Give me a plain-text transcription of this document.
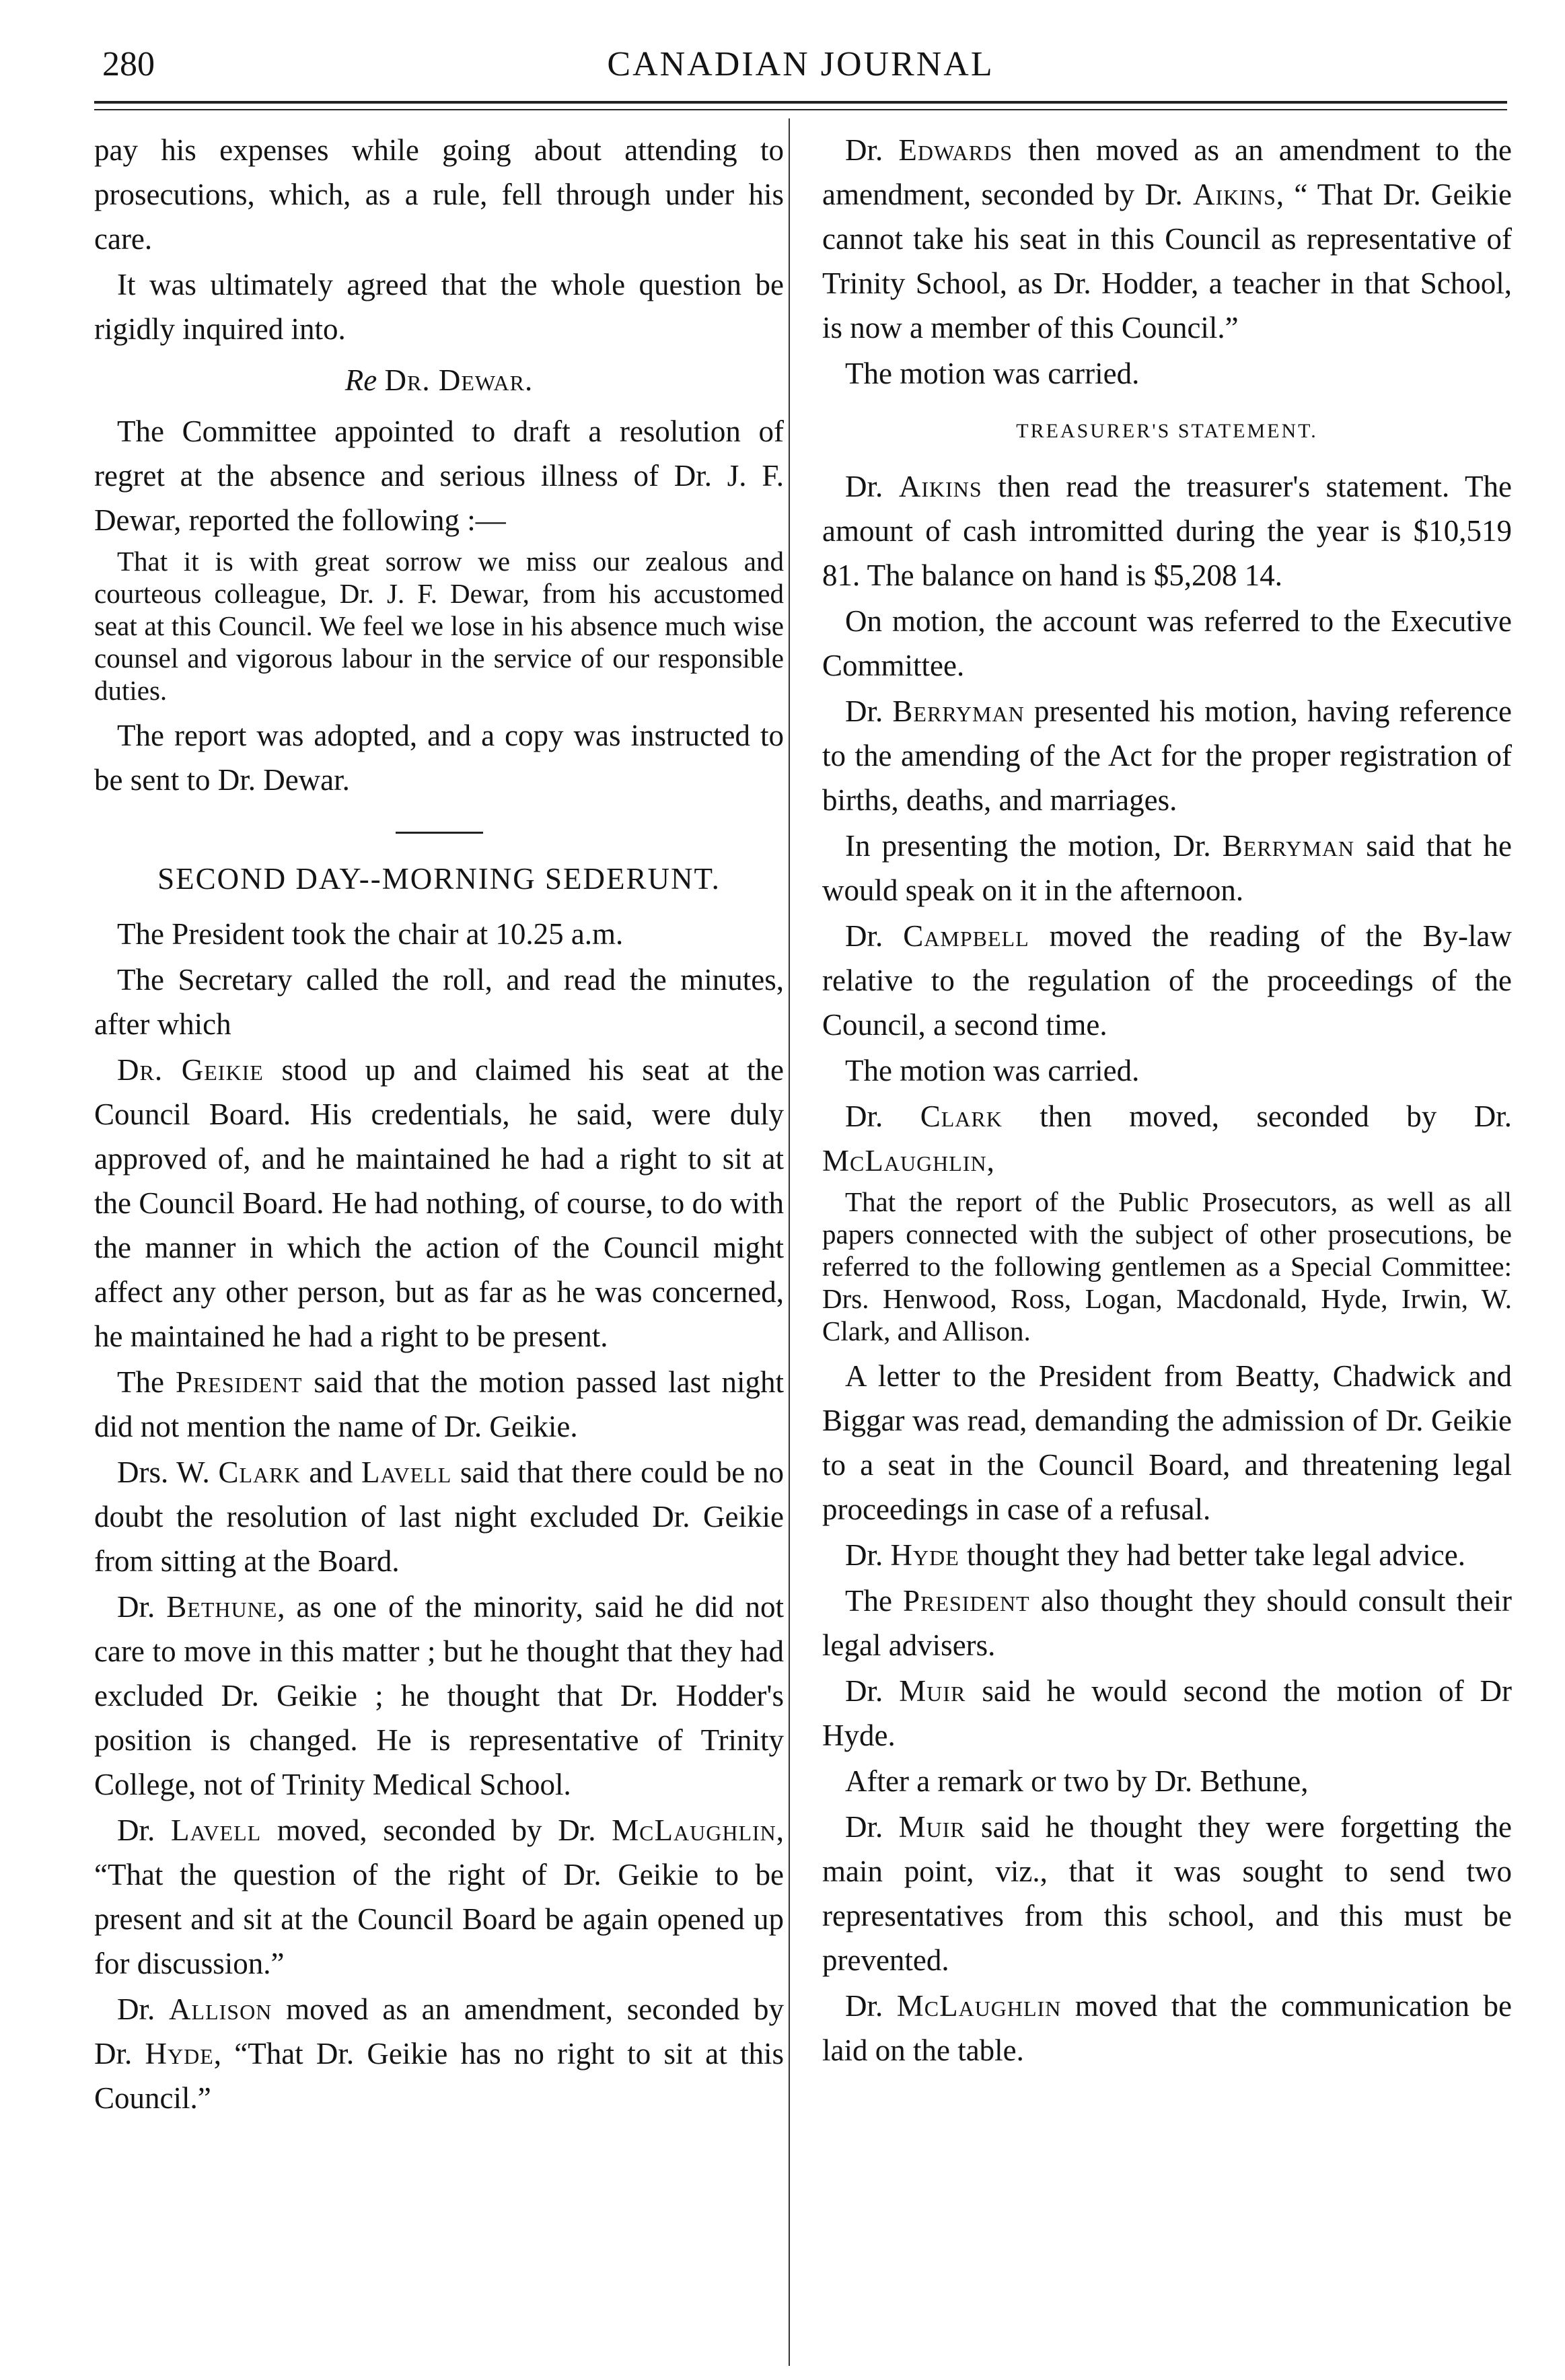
280	CANADIAN JOURNAL

pay his expenses while going about attending to prosecutions, which, as a rule, fell through under his care.

It was ultimately agreed that the whole question be rigidly inquired into.

Re Dr. Dewar.

The Committee appointed to draft a resolution of regret at the absence and serious illness of Dr. J. F. Dewar, reported the following :—

That it is with great sorrow we miss our zealous and courteous colleague, Dr. J. F. Dewar, from his accustomed seat at this Council. We feel we lose in his absence much wise counsel and vigorous labour in the service of our responsible duties.

The report was adopted, and a copy was instructed to be sent to Dr. Dewar.

SECOND DAY--MORNING SEDERUNT.

The President took the chair at 10.25 a.m.

The Secretary called the roll, and read the minutes, after which

Dr. Geikie stood up and claimed his seat at the Council Board. His credentials, he said, were duly approved of, and he maintained he had a right to sit at the Council Board. He had nothing, of course, to do with the manner in which the action of the Council might affect any other person, but as far as he was concerned, he maintained he had a right to be present.

The President said that the motion passed last night did not mention the name of Dr. Geikie.

Drs. W. Clark and Lavell said that there could be no doubt the resolution of last night excluded Dr. Geikie from sitting at the Board.

Dr. Bethune, as one of the minority, said he did not care to move in this matter ; but he thought that they had excluded Dr. Geikie ; he thought that Dr. Hodder's position is changed. He is representative of Trinity College, not of Trinity Medical School.

Dr. Lavell moved, seconded by Dr. McLaughlin, “That the question of the right of Dr. Geikie to be present and sit at the Council Board be again opened up for discussion.”

Dr. Allison moved as an amendment, seconded by Dr. Hyde, “That Dr. Geikie has no right to sit at this Council.”

Dr. Edwards then moved as an amendment to the amendment, seconded by Dr. Aikins, “ That Dr. Geikie cannot take his seat in this Council as representative of Trinity School, as Dr. Hodder, a teacher in that School, is now a member of this Council.”

The motion was carried.

TREASURER'S STATEMENT.

Dr. Aikins then read the treasurer's statement. The amount of cash intromitted during the year is $10,519 81. The balance on hand is $5,208 14.

On motion, the account was referred to the Executive Committee.

Dr. Berryman presented his motion, having reference to the amending of the Act for the proper registration of births, deaths, and marriages.

In presenting the motion, Dr. Berryman said that he would speak on it in the afternoon.

Dr. Campbell moved the reading of the By-law relative to the regulation of the proceedings of the Council, a second time.

The motion was carried.

Dr. Clark then moved, seconded by Dr. McLaughlin,

That the report of the Public Prosecutors, as well as all papers connected with the subject of other prosecutions, be referred to the following gentlemen as a Special Committee: Drs. Henwood, Ross, Logan, Macdonald, Hyde, Irwin, W. Clark, and Allison.

A letter to the President from Beatty, Chadwick and Biggar was read, demanding the admission of Dr. Geikie to a seat in the Council Board, and threatening legal proceedings in case of a refusal.

Dr. Hyde thought they had better take legal advice.

The President also thought they should consult their legal advisers.

Dr. Muir said he would second the motion of Dr Hyde.

After a remark or two by Dr. Bethune,

Dr. Muir said he thought they were forgetting the main point, viz., that it was sought to send two representatives from this school, and this must be prevented.

Dr. McLaughlin moved that the communication be laid on the table.
